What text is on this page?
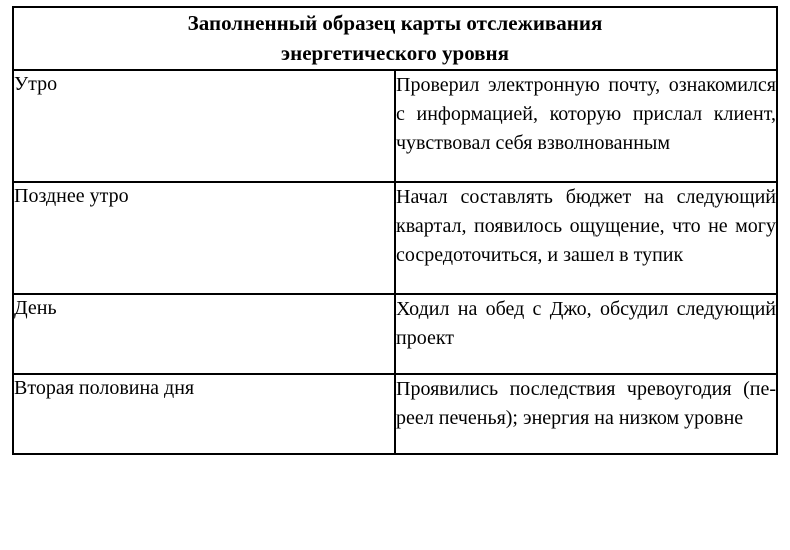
Заполненный образец карты отслеживания
энергетического уровня	

Утро	Проверил электронную почту, ознакомился с информацией, которую прислал клиент, чувствовал себя взволнованным
Позднее утро	Начал составлять бюджет на следующий квартал, появилось ощущение, что не могу сосредоточиться, и зашел в тупик
День	Ходил на обед с Джо, обсудил следующий проект
Вторая половина дня	Проявились последствия чревоугодия (переел печенья); энергия на низком уровне
